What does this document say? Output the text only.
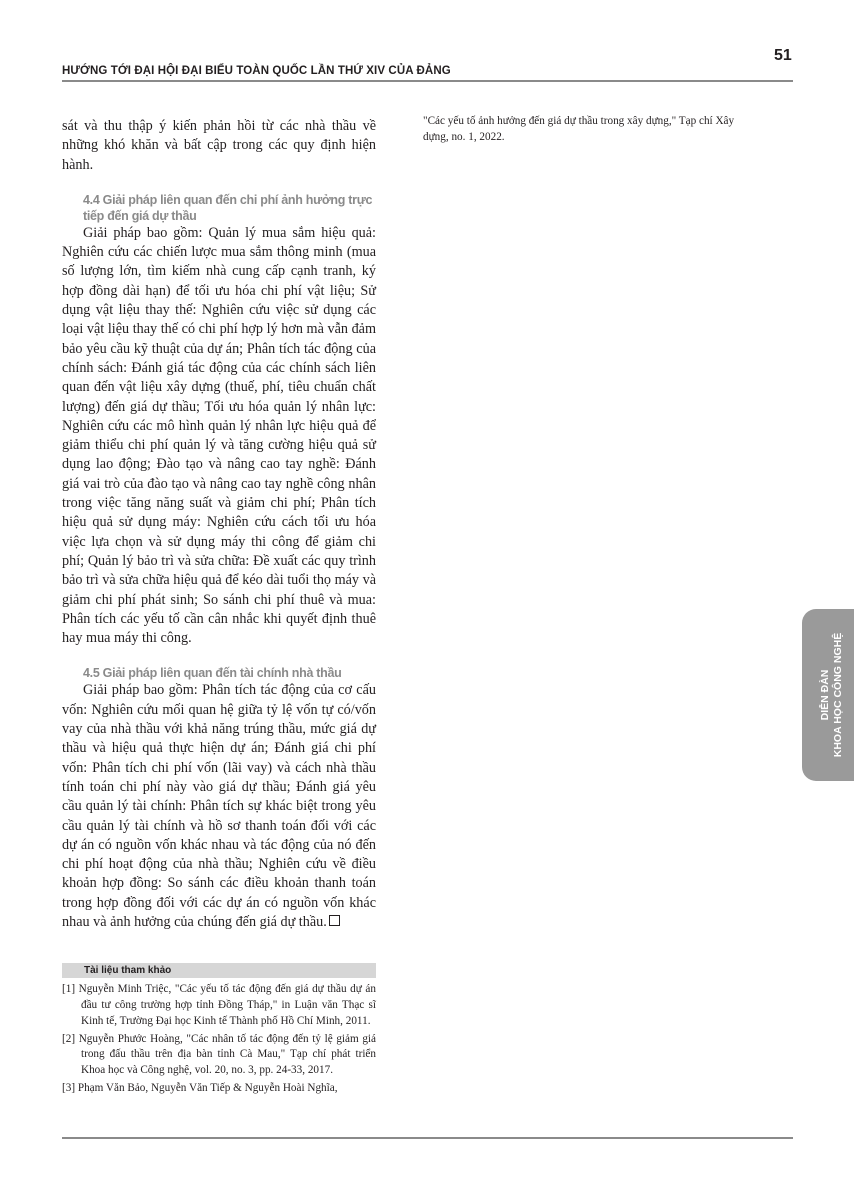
HƯỚNG TỚI ĐẠI HỘI ĐẠI BIỂU TOÀN QUỐC LẦN THỨ XIV CỦA ĐẢNG
51

sát và thu thập ý kiến phản hồi từ các nhà thầu về những khó khăn và bất cập trong các quy định hiện hành.

4.4 Giải pháp liên quan đến chi phí ảnh hưởng trực tiếp đến giá dự thầu

Giải pháp bao gồm: Quản lý mua sắm hiệu quả: Nghiên cứu các chiến lược mua sắm thông minh (mua số lượng lớn, tìm kiếm nhà cung cấp cạnh tranh, ký hợp đồng dài hạn) để tối ưu hóa chi phí vật liệu; Sử dụng vật liệu thay thế: Nghiên cứu việc sử dụng các loại vật liệu thay thế có chi phí hợp lý hơn mà vẫn đảm bảo yêu cầu kỹ thuật của dự án; Phân tích tác động của chính sách: Đánh giá tác động của các chính sách liên quan đến vật liệu xây dựng (thuế, phí, tiêu chuẩn chất lượng) đến giá dự thầu; Tối ưu hóa quản lý nhân lực: Nghiên cứu các mô hình quản lý nhân lực hiệu quả để giảm thiểu chi phí quản lý và tăng cường hiệu quả sử dụng lao động; Đào tạo và nâng cao tay nghề: Đánh giá vai trò của đào tạo và nâng cao tay nghề công nhân trong việc tăng năng suất và giảm chi phí; Phân tích hiệu quả sử dụng máy: Nghiên cứu cách tối ưu hóa việc lựa chọn và sử dụng máy thi công để giảm chi phí; Quản lý bảo trì và sửa chữa: Đề xuất các quy trình bảo trì và sửa chữa hiệu quả để kéo dài tuổi thọ máy và giảm chi phí phát sinh; So sánh chi phí thuê và mua: Phân tích các yếu tố cần cân nhắc khi quyết định thuê hay mua máy thi công.

4.5 Giải pháp liên quan đến tài chính nhà thầu

Giải pháp bao gồm: Phân tích tác động của cơ cấu vốn: Nghiên cứu mối quan hệ giữa tỷ lệ vốn tự có/vốn vay của nhà thầu với khả năng trúng thầu, mức giá dự thầu và hiệu quả thực hiện dự án; Đánh giá chi phí vốn: Phân tích chi phí vốn (lãi vay) và cách nhà thầu tính toán chi phí này vào giá dự thầu; Đánh giá yêu cầu quản lý tài chính: Phân tích sự khác biệt trong yêu cầu quản lý tài chính và hồ sơ thanh toán đối với các dự án có nguồn vốn khác nhau và tác động của nó đến chi phí hoạt động của nhà thầu; Nghiên cứu về điều khoản hợp đồng: So sánh các điều khoản thanh toán trong hợp đồng đối với các dự án có nguồn vốn khác nhau và ảnh hưởng của chúng đến giá dự thầu.

Tài liệu tham khảo
[1] Nguyễn Minh Triệc, "Các yếu tố tác động đến giá dự thầu dự án đầu tư công trường hợp tỉnh Đồng Tháp," in Luận văn Thạc sĩ Kinh tế, Trường Đại học Kinh tế Thành phố Hồ Chí Minh, 2011.
[2] Nguyễn Phước Hoàng, "Các nhân tố tác động đến tỷ lệ giảm giá trong đấu thầu trên địa bàn tỉnh Cà Mau," Tạp chí phát triển Khoa học và Công nghệ, vol. 20, no. 3, pp. 24-33, 2017.
[3] Phạm Văn Bảo, Nguyễn Văn Tiếp & Nguyễn Hoài Nghĩa,

"Các yếu tố ảnh hưởng đến giá dự thầu trong xây dựng," Tạp chí Xây dựng, no. 1, 2022.

DIỄN ĐÀN KHOA HỌC CÔNG NGHỆ
